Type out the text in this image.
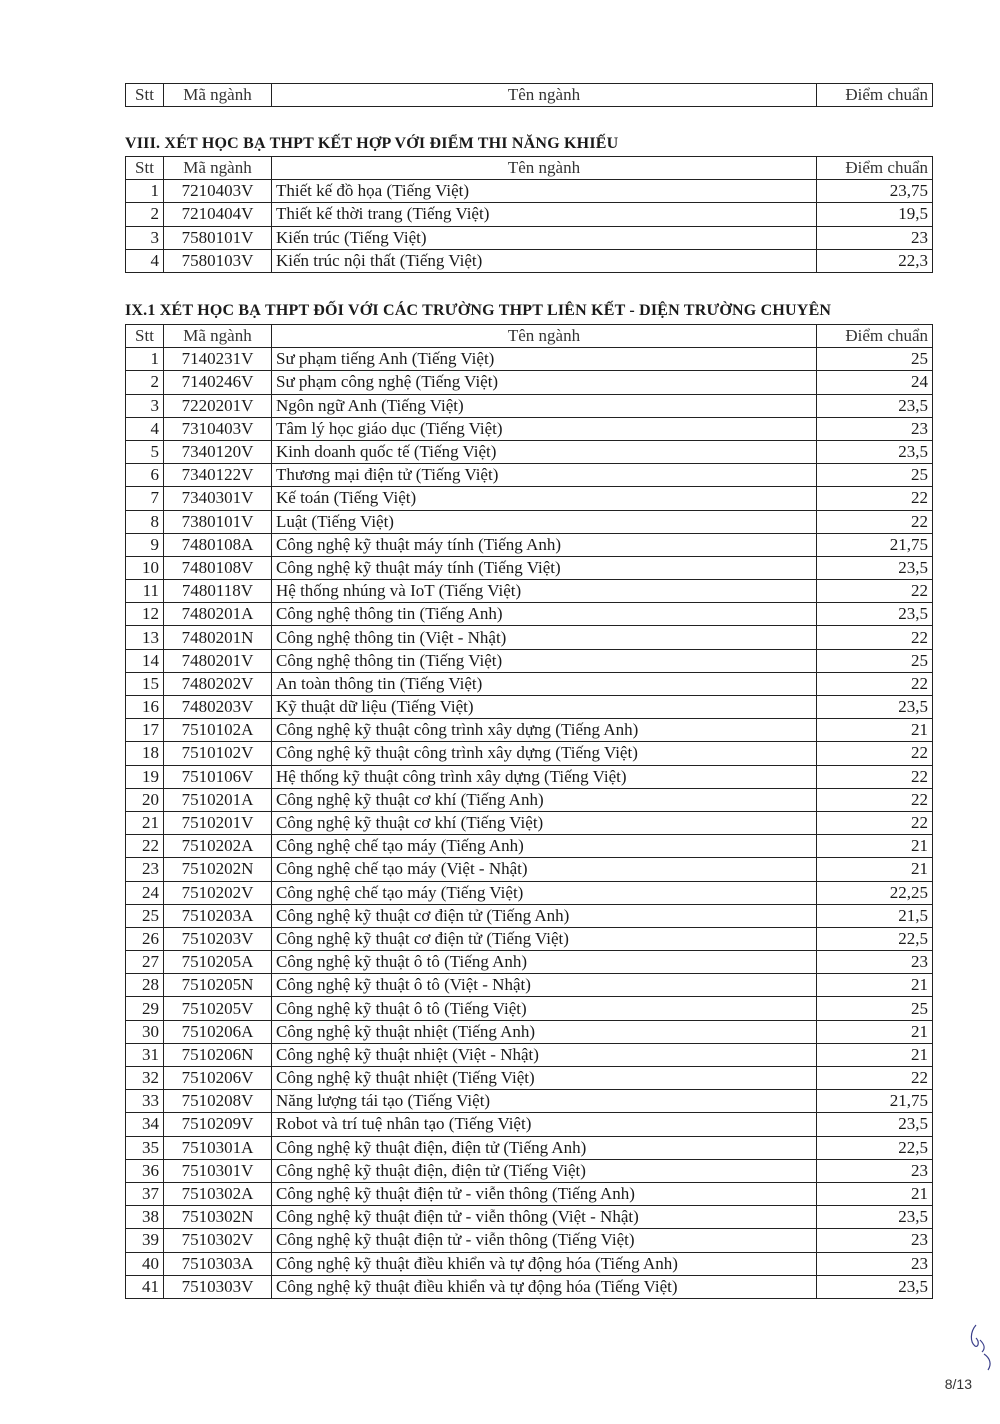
Stt	Mã ngành	Tên ngành	Điểm chuẩn
VIII. XÉT HỌC BẠ THPT KẾT HỢP VỚI ĐIỂM THI NĂNG KHIẾU
Stt	Mã ngành	Tên ngành	Điểm chuẩn
1	7210403V	Thiết kế đồ họa (Tiếng Việt)	23,75
2	7210404V	Thiết kế thời trang (Tiếng Việt)	19,5
3	7580101V	Kiến trúc (Tiếng Việt)	23
4	7580103V	Kiến trúc nội thất (Tiếng Việt)	22,3
IX.1 XÉT HỌC BẠ THPT ĐỐI VỚI CÁC TRƯỜNG THPT LIÊN KẾT - DIỆN TRƯỜNG CHUYÊN
Stt	Mã ngành	Tên ngành	Điểm chuẩn
1	7140231V	Sư phạm tiếng Anh (Tiếng Việt)	25
2	7140246V	Sư phạm công nghệ (Tiếng Việt)	24
3	7220201V	Ngôn ngữ Anh (Tiếng Việt)	23,5
4	7310403V	Tâm lý học giáo dục (Tiếng Việt)	23
5	7340120V	Kinh doanh quốc tế (Tiếng Việt)	23,5
6	7340122V	Thương mại điện tử (Tiếng Việt)	25
7	7340301V	Kế toán (Tiếng Việt)	22
8	7380101V	Luật (Tiếng Việt)	22
9	7480108A	Công nghệ kỹ thuật máy tính (Tiếng Anh)	21,75
10	7480108V	Công nghệ kỹ thuật máy tính (Tiếng Việt)	23,5
11	7480118V	Hệ thống nhúng và IoT (Tiếng Việt)	22
12	7480201A	Công nghệ thông tin (Tiếng Anh)	23,5
13	7480201N	Công nghệ thông tin (Việt - Nhật)	22
14	7480201V	Công nghệ thông tin (Tiếng Việt)	25
15	7480202V	An toàn thông tin (Tiếng Việt)	22
16	7480203V	Kỹ thuật dữ liệu (Tiếng Việt)	23,5
17	7510102A	Công nghệ kỹ thuật công trình xây dựng (Tiếng Anh)	21
18	7510102V	Công nghệ kỹ thuật công trình xây dựng (Tiếng Việt)	22
19	7510106V	Hệ thống kỹ thuật công trình xây dựng (Tiếng Việt)	22
20	7510201A	Công nghệ kỹ thuật cơ khí (Tiếng Anh)	22
21	7510201V	Công nghệ kỹ thuật cơ khí (Tiếng Việt)	22
22	7510202A	Công nghệ chế tạo máy (Tiếng Anh)	21
23	7510202N	Công nghệ chế tạo máy (Việt - Nhật)	21
24	7510202V	Công nghệ chế tạo máy (Tiếng Việt)	22,25
25	7510203A	Công nghệ kỹ thuật cơ điện tử (Tiếng Anh)	21,5
26	7510203V	Công nghệ kỹ thuật cơ điện tử (Tiếng Việt)	22,5
27	7510205A	Công nghệ kỹ thuật ô tô (Tiếng Anh)	23
28	7510205N	Công nghệ kỹ thuật ô tô (Việt - Nhật)	21
29	7510205V	Công nghệ kỹ thuật ô tô (Tiếng Việt)	25
30	7510206A	Công nghệ kỹ thuật nhiệt (Tiếng Anh)	21
31	7510206N	Công nghệ kỹ thuật nhiệt (Việt - Nhật)	21
32	7510206V	Công nghệ kỹ thuật nhiệt (Tiếng Việt)	22
33	7510208V	Năng lượng tái tạo (Tiếng Việt)	21,75
34	7510209V	Robot và trí tuệ nhân tạo (Tiếng Việt)	23,5
35	7510301A	Công nghệ kỹ thuật điện, điện tử (Tiếng Anh)	22,5
36	7510301V	Công nghệ kỹ thuật điện, điện tử (Tiếng Việt)	23
37	7510302A	Công nghệ kỹ thuật điện tử - viễn thông (Tiếng Anh)	21
38	7510302N	Công nghệ kỹ thuật điện tử - viễn thông (Việt - Nhật)	23,5
39	7510302V	Công nghệ kỹ thuật điện tử - viễn thông (Tiếng Việt)	23
40	7510303A	Công nghệ kỹ thuật điều khiển và tự động hóa (Tiếng Anh)	23
41	7510303V	Công nghệ kỹ thuật điều khiển và tự động hóa (Tiếng Việt)	23,5
8/13
